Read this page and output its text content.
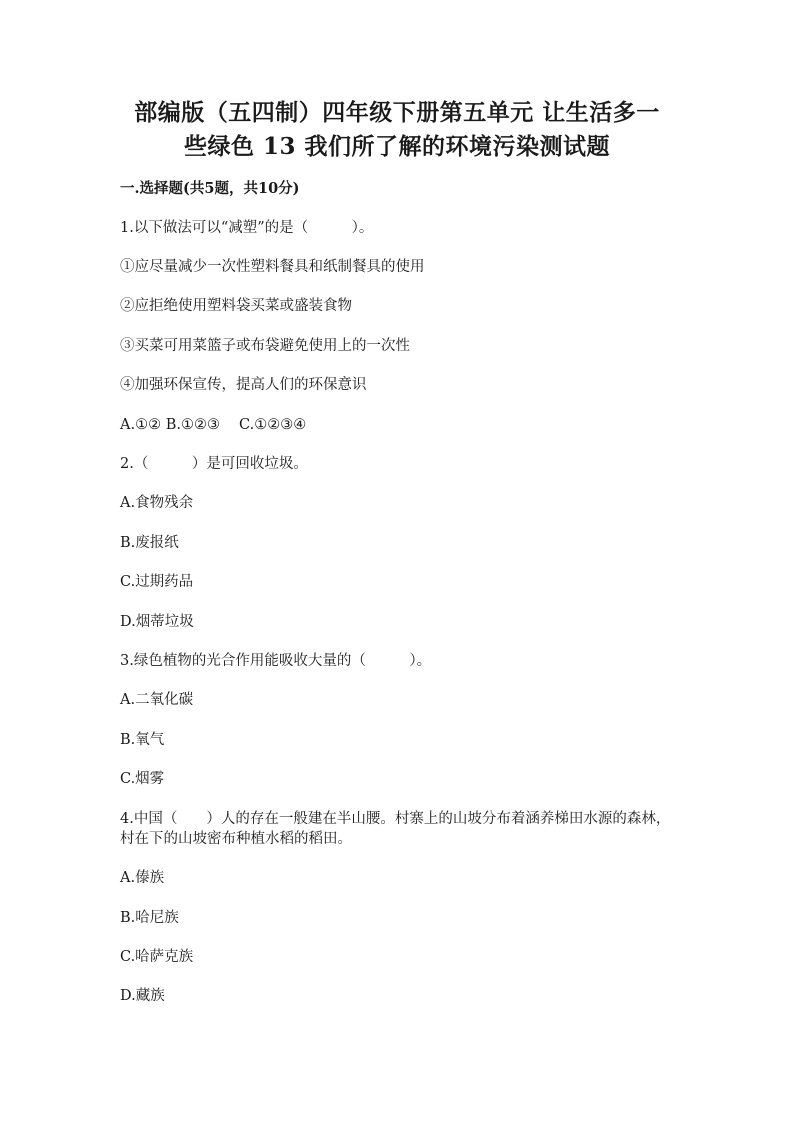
部编版（五四制）四年级下册第五单元 让生活多一
些绿色 13 我们所了解的环境污染测试题
一.选择题(共5题，共10分)
1.以下做法可以“减塑”的是（　　　）。
①应尽量减少一次性塑料餐具和纸制餐具的使用
②应拒绝使用塑料袋买菜或盛装食物
③买菜可用菜篮子或布袋避免使用上的一次性
④加强环保宣传，提高人们的环保意识
A.①② B.①②③　 C.①②③④
2.（　　　）是可回收垃圾。
A.食物残余
B.废报纸
C.过期药品
D.烟蒂垃圾
3.绿色植物的光合作用能吸收大量的（　　　）。
A.二氧化碳
B.氧气
C.烟雾
4.中国（　　）人的存在一般建在半山腰。村寨上的山坡分布着涵养梯田水源的森林，村在下的山坡密布种植水稻的稻田。
A.傣族
B.哈尼族
C.哈萨克族
D.藏族
